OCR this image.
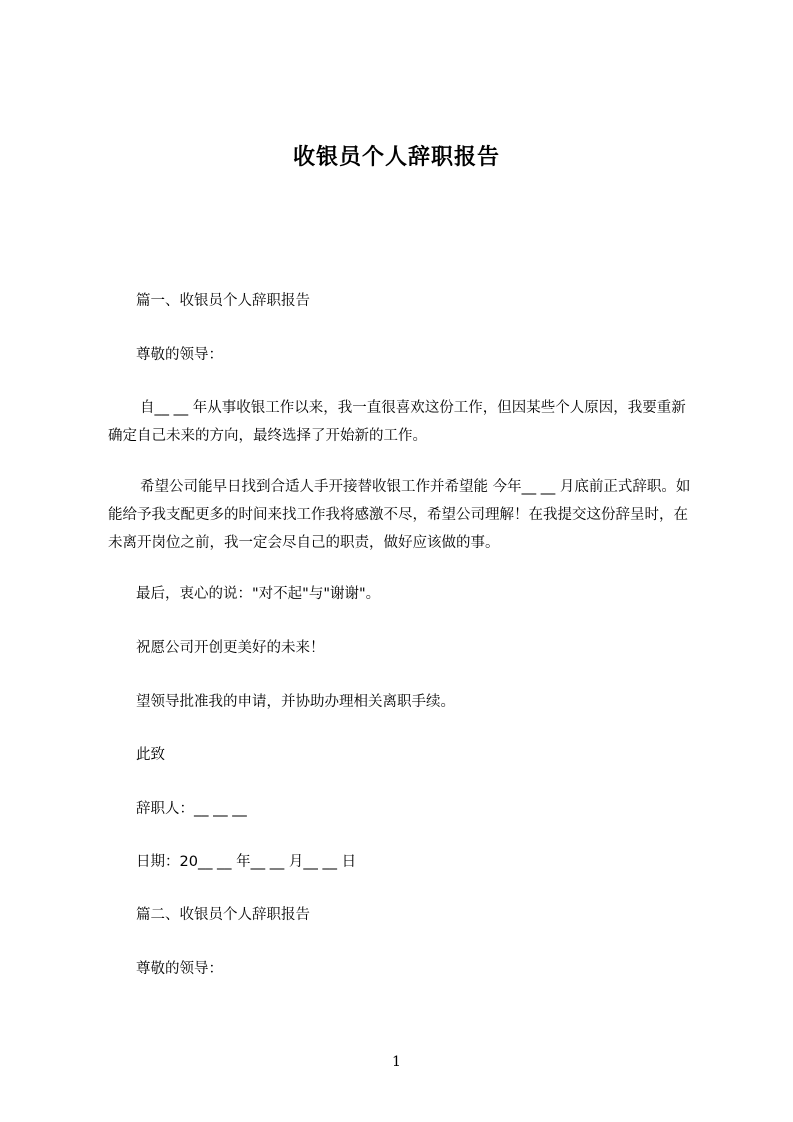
收银员个人辞职报告

篇一、收银员个人辞职报告

尊敬的领导：

自__ __ 年从事收银工作以来，我一直很喜欢这份工作，但因某些个人原因，我要重新确定自己未来的方向，最终选择了开始新的工作。

希望公司能早日找到合适人手开接替收银工作并希望能 今年__ __ 月底前正式辞职。如能给予我支配更多的时间来找工作我将感激不尽，希望公司理解！在我提交这份辞呈时，在未离开岗位之前，我一定会尽自己的职责，做好应该做的事。

最后，衷心的说："对不起"与"谢谢"。

祝愿公司开创更美好的未来！

望领导批准我的申请，并协助办理相关离职手续。

此致

辞职人：__ __ __

日期：20__ __ 年__ __ 月__ __ 日

篇二、收银员个人辞职报告

尊敬的领导：

1
